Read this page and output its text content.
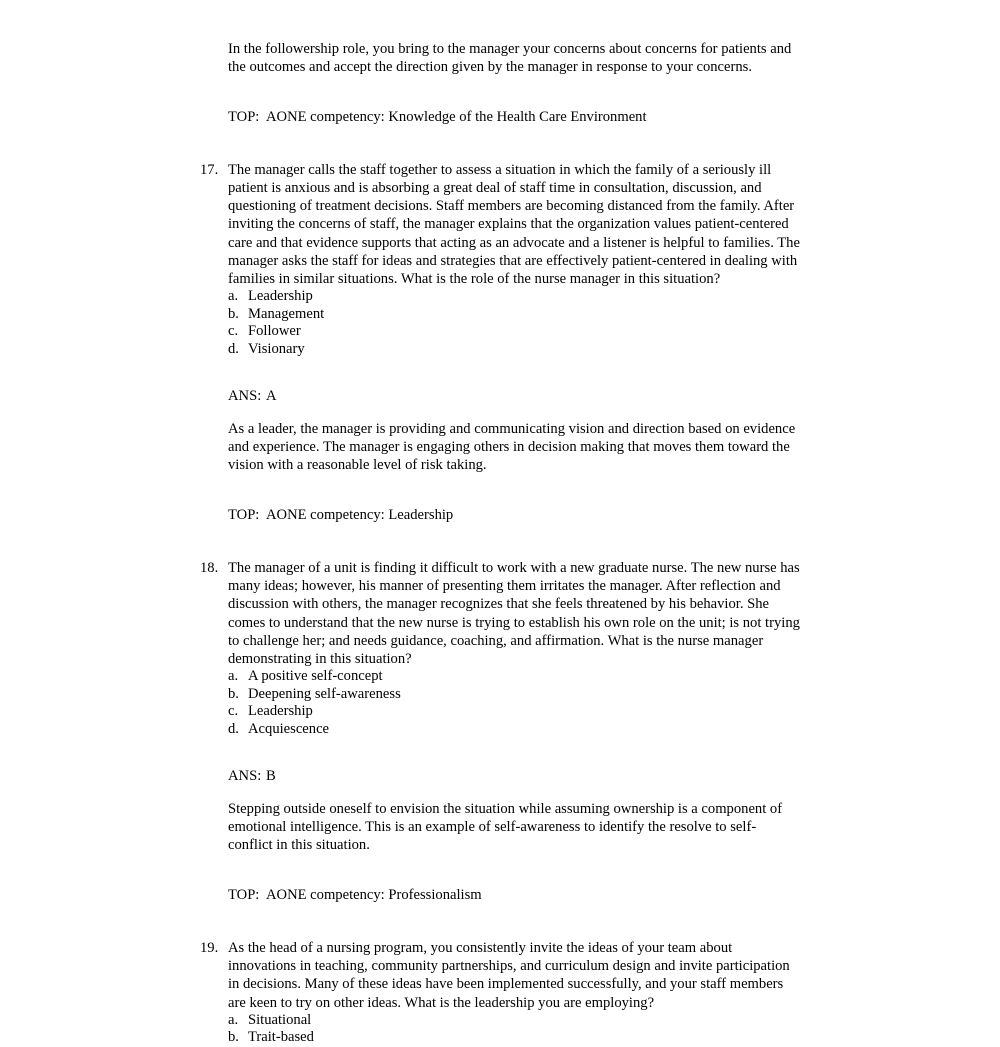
In the followership role, you bring to the manager your concerns about concerns for patients and the outcomes and accept the direction given by the manager in response to your concerns.

TOP: AONE competency: Knowledge of the Health Care Environment

17. The manager calls the staff together to assess a situation in which the family of a seriously ill patient is anxious and is absorbing a great deal of staff time in consultation, discussion, and questioning of treatment decisions. Staff members are becoming distanced from the family. After inviting the concerns of staff, the manager explains that the organization values patient-centered care and that evidence supports that acting as an advocate and a listener is helpful to families. The manager asks the staff for ideas and strategies that are effectively patient-centered in dealing with families in similar situations. What is the role of the nurse manager in this situation?

a. Leadership
b. Management
c. Follower
d. Visionary

ANS: A

As a leader, the manager is providing and communicating vision and direction based on evidence and experience. The manager is engaging others in decision making that moves them toward the vision with a reasonable level of risk taking.

TOP: AONE competency: Leadership

18. The manager of a unit is finding it difficult to work with a new graduate nurse. The new nurse has many ideas; however, his manner of presenting them irritates the manager. After reflection and discussion with others, the manager recognizes that she feels threatened by his behavior. She comes to understand that the new nurse is trying to establish his own role on the unit; is not trying to challenge her; and needs guidance, coaching, and affirmation. What is the nurse manager demonstrating in this situation?

a. A positive self-concept
b. Deepening self-awareness
c. Leadership
d. Acquiescence

ANS: B

Stepping outside oneself to envision the situation while assuming ownership is a component of emotional intelligence. This is an example of self-awareness to identify the resolve to self-conflict in this situation.

TOP: AONE competency: Professionalism

19. As the head of a nursing program, you consistently invite the ideas of your team about innovations in teaching, community partnerships, and curriculum design and invite participation in decisions. Many of these ideas have been implemented successfully, and your staff members are keen to try on other ideas. What is the leadership you are employing?

a. Situational
b. Trait-based
